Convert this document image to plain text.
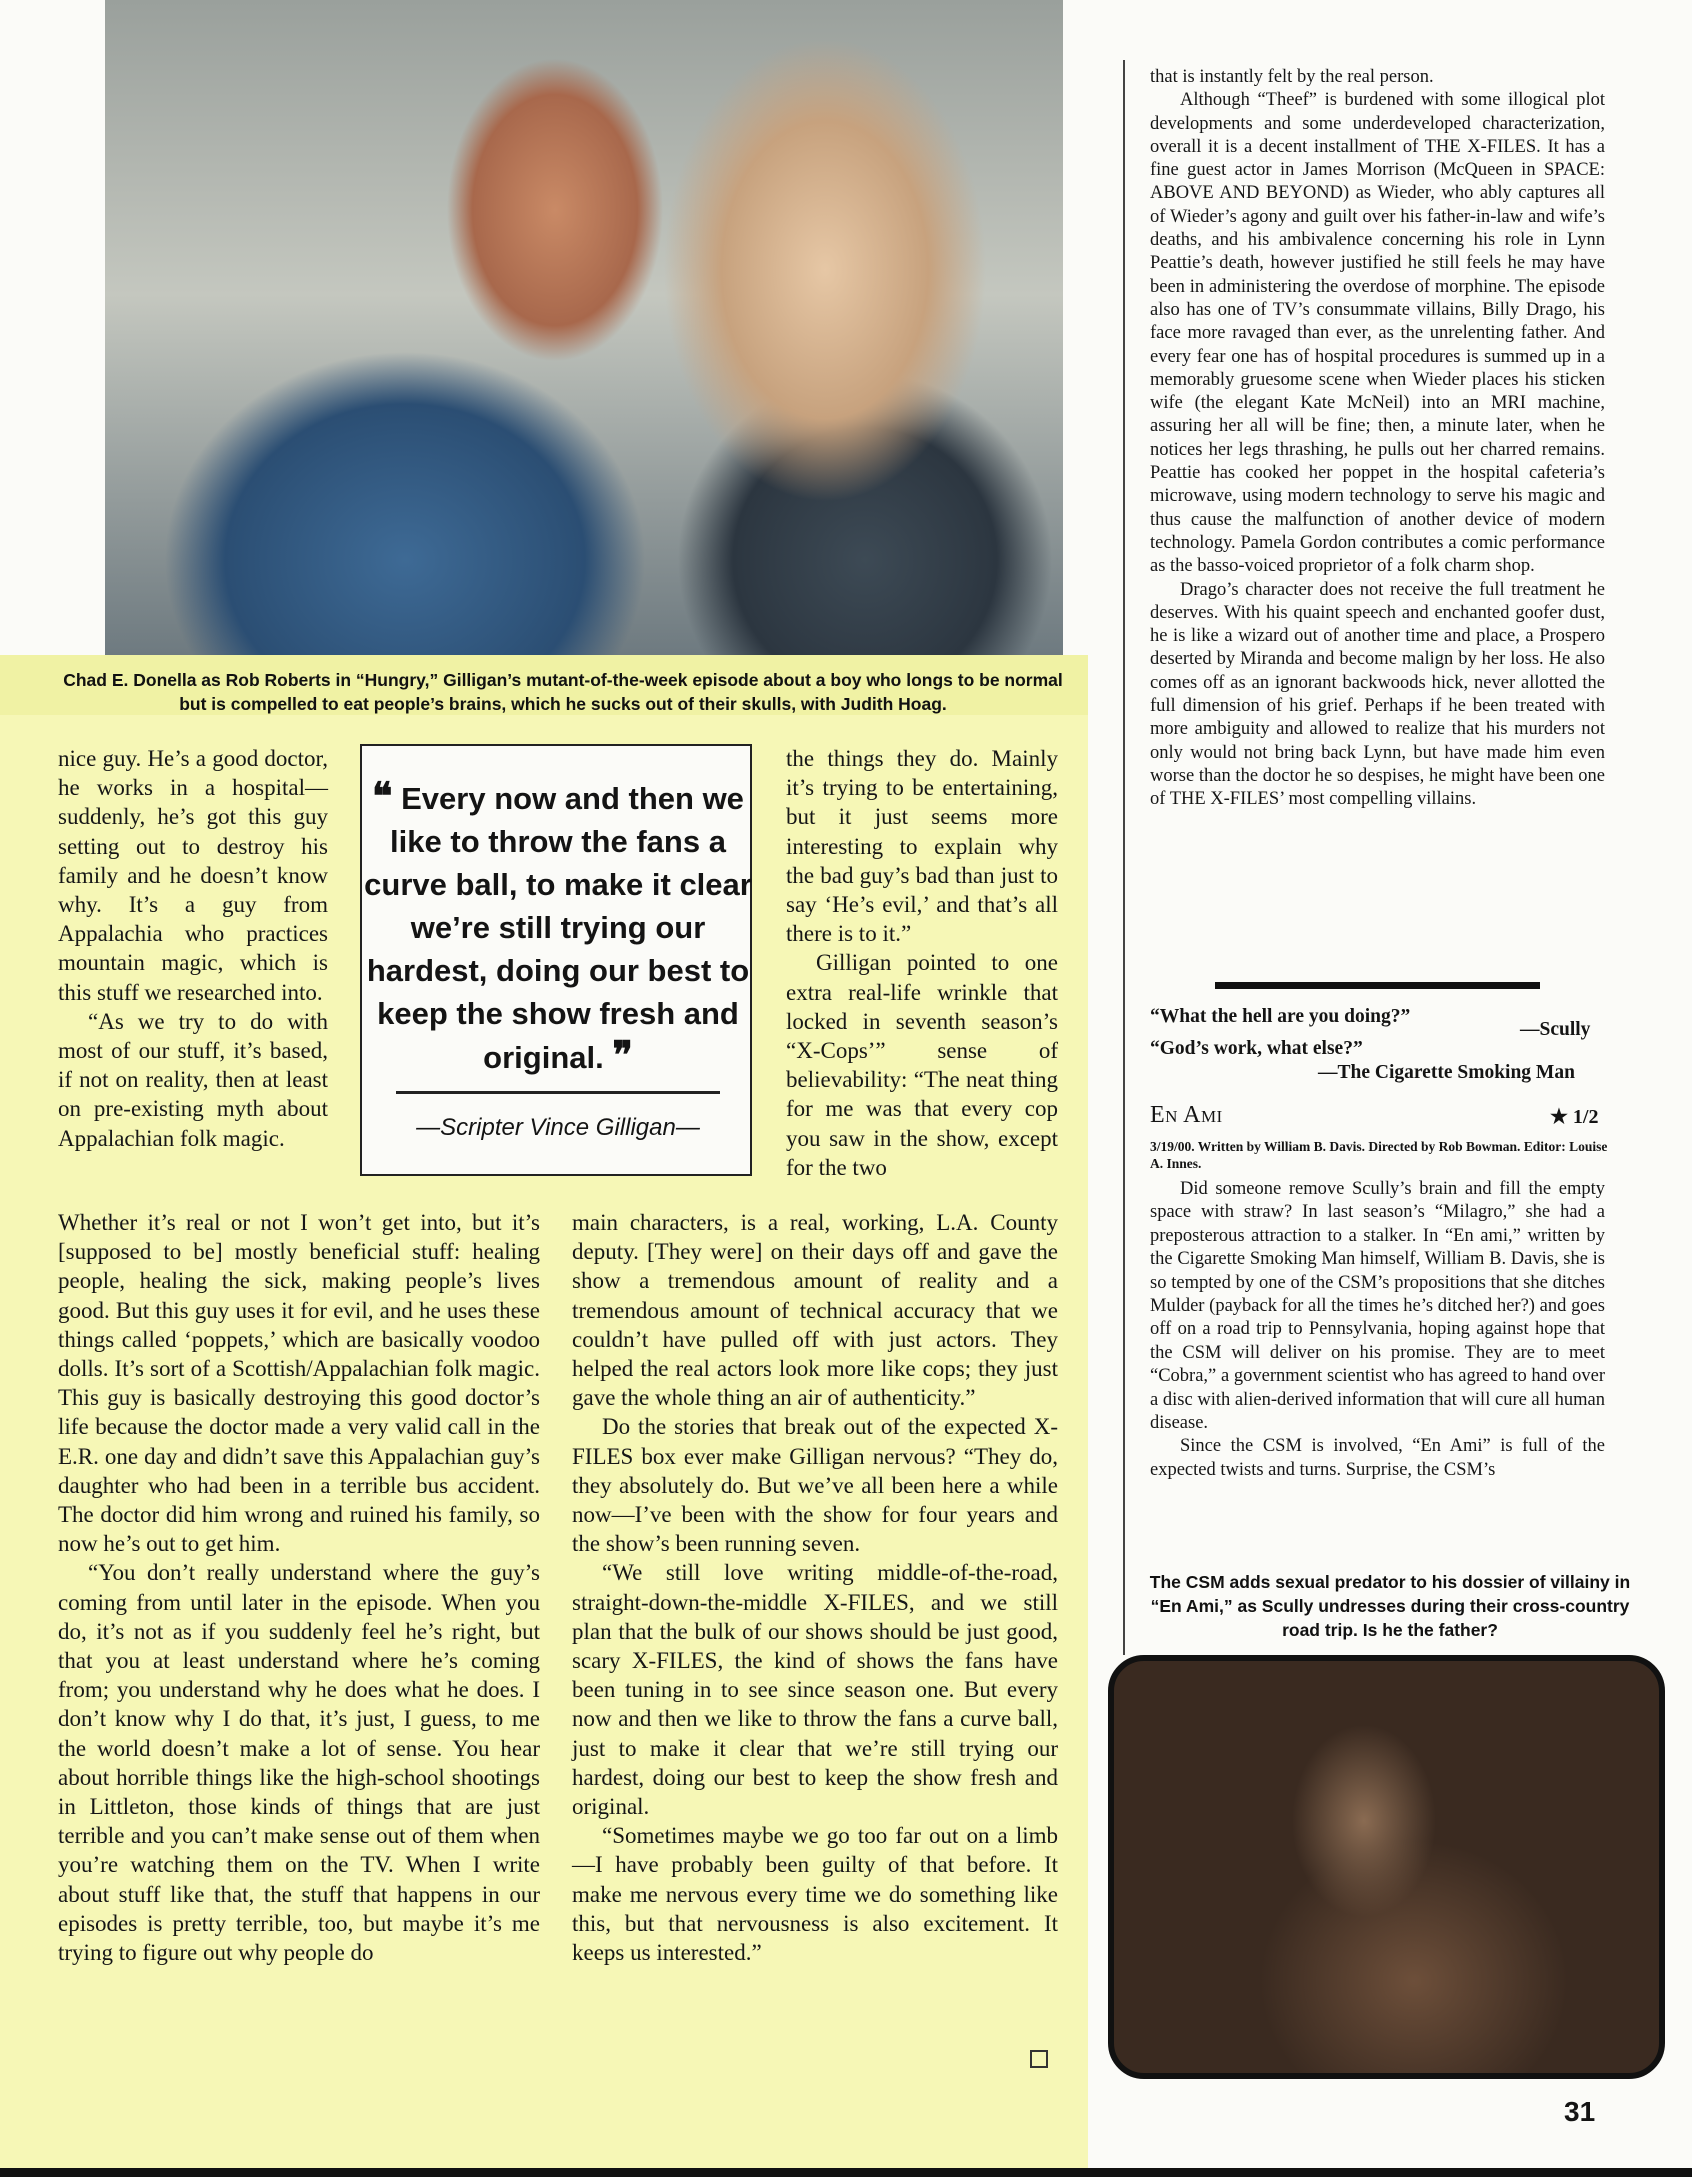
Chad E. Donella as Rob Roberts in “Hungry,” Gilligan’s mutant-of-the-week episode about a boy who longs to be normal but is compelled to eat people’s brains, which he sucks out of their skulls, with Judith Hoag.

nice guy. He’s a good doctor, he works in a hospital—suddenly, he’s got this guy setting out to destroy his family and he doesn’t know why. It’s a guy from Appalachia who practices mountain magic, which is this stuff we researched into.

“As we try to do with most of our stuff, it’s based, if not on reality, then at least on pre-existing myth about Appalachian folk magic.

❝ Every now and then we like to throw the fans a curve ball, to make it clear we’re still trying our hardest, doing our best to keep the show fresh and original. ❞
—Scripter Vince Gilligan—

the things they do. Mainly it’s trying to be entertaining, but it just seems more interesting to explain why the bad guy’s bad than just to say ‘He’s evil,’ and that’s all there is to it.”

Gilligan pointed to one extra real-life wrinkle that locked in seventh season’s “X-Cops’” sense of believability: “The neat thing for me was that every cop you saw in the show, except for the two

Whether it’s real or not I won’t get into, but it’s [supposed to be] mostly beneficial stuff: healing people, healing the sick, making people’s lives good. But this guy uses it for evil, and he uses these things called ‘poppets,’ which are basically voodoo dolls. It’s sort of a Scottish/Appalachian folk magic. This guy is basically destroying this good doctor’s life because the doctor made a very valid call in the E.R. one day and didn’t save this Appalachian guy’s daughter who had been in a terrible bus accident. The doctor did him wrong and ruined his family, so now he’s out to get him.

“You don’t really understand where the guy’s coming from until later in the episode. When you do, it’s not as if you suddenly feel he’s right, but that you at least understand where he’s coming from; you understand why he does what he does. I don’t know why I do that, it’s just, I guess, to me the world doesn’t make a lot of sense. You hear about horrible things like the high-school shootings in Littleton, those kinds of things that are just terrible and you can’t make sense out of them when you’re watching them on the TV. When I write about stuff like that, the stuff that happens in our episodes is pretty terrible, too, but maybe it’s me trying to figure out why people do

main characters, is a real, working, L.A. County deputy. [They were] on their days off and gave the show a tremendous amount of reality and a tremendous amount of technical accuracy that we couldn’t have pulled off with just actors. They helped the real actors look more like cops; they just gave the whole thing an air of authenticity.”

Do the stories that break out of the expected X-FILES box ever make Gilligan nervous? “They do, they absolutely do. But we’ve all been here a while now—I’ve been with the show for four years and the show’s been running seven.

“We still love writing middle-of-the-road, straight-down-the-middle X-FILES, and we still plan that the bulk of our shows should be just good, scary X-FILES, the kind of shows the fans have been tuning in to see since season one. But every now and then we like to throw the fans a curve ball, just to make it clear that we’re still trying our hardest, doing our best to keep the show fresh and original.

“Sometimes maybe we go too far out on a limb—I have probably been guilty of that before. It make me nervous every time we do something like this, but that nervousness is also excitement. It keeps us interested.”

that is instantly felt by the real person.

Although “Theef” is burdened with some illogical plot developments and some underdeveloped characterization, overall it is a decent installment of THE X-FILES. It has a fine guest actor in James Morrison (McQueen in SPACE: ABOVE AND BEYOND) as Wieder, who ably captures all of Wieder’s agony and guilt over his father-in-law and wife’s deaths, and his ambivalence concerning his role in Lynn Peattie’s death, however justified he still feels he may have been in administering the overdose of morphine. The episode also has one of TV’s consummate villains, Billy Drago, his face more ravaged than ever, as the unrelenting father. And every fear one has of hospital procedures is summed up in a memorably gruesome scene when Wieder places his sticken wife (the elegant Kate McNeil) into an MRI machine, assuring her all will be fine; then, a minute later, when he notices her legs thrashing, he pulls out her charred remains. Peattie has cooked her poppet in the hospital cafeteria’s microwave, using modern technology to serve his magic and thus cause the malfunction of another device of modern technology. Pamela Gordon contributes a comic performance as the basso-voiced proprietor of a folk charm shop.

Drago’s character does not receive the full treatment he deserves. With his quaint speech and enchanted goofer dust, he is like a wizard out of another time and place, a Prospero deserted by Miranda and become malign by her loss. He also comes off as an ignorant backwoods hick, never allotted the full dimension of his grief. Perhaps if he been treated with more ambiguity and allowed to realize that his murders not only would not bring back Lynn, but have made him even worse than the doctor he so despises, he might have been one of THE X-FILES’ most compelling villains.

“What the hell are you doing?”
—Scully
“God’s work, what else?”
—The Cigarette Smoking Man
En Ami	★ 1/2
3/19/00. Written by William B. Davis. Directed by Rob Bowman. Editor: Louise A. Innes.

Did someone remove Scully’s brain and fill the empty space with straw? In last season’s “Milagro,” she had a preposterous attraction to a stalker. In “En ami,” written by the Cigarette Smoking Man himself, William B. Davis, she is so tempted by one of the CSM’s propositions that she ditches Mulder (payback for all the times he’s ditched her?) and goes off on a road trip to Pennsylvania, hoping against hope that the CSM will deliver on his promise. They are to meet “Cobra,” a government scientist who has agreed to hand over a disc with alien-derived information that will cure all human disease.

Since the CSM is involved, “En Ami” is full of the expected twists and turns. Surprise, the CSM’s

The CSM adds sexual predator to his dossier of villainy in “En Ami,” as Scully undresses during their cross-country road trip. Is he the father?
31
